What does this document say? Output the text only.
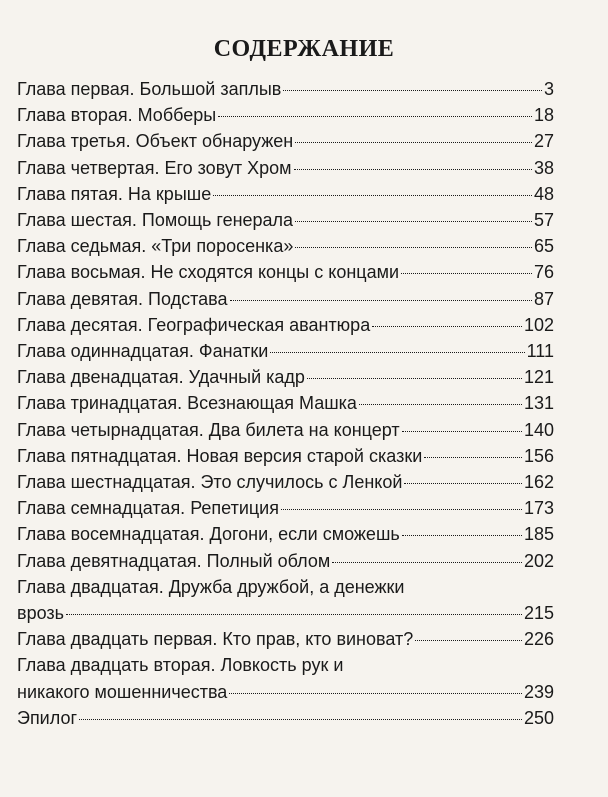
СОДЕРЖАНИЕ
Глава первая. Большой заплыв	3
Глава вторая. Мобберы	18
Глава третья. Объект обнаружен	27
Глава четвертая. Его зовут Хром	38
Глава пятая. На крыше	48
Глава шестая. Помощь генерала	57
Глава седьмая. «Три поросенка»	65
Глава восьмая. Не сходятся концы с концами	76
Глава девятая. Подстава	87
Глава десятая. Географическая авантюра	102
Глава одиннадцатая. Фанатки	111
Глава двенадцатая. Удачный кадр	121
Глава тринадцатая. Всезнающая Машка	131
Глава четырнадцатая. Два билета на концерт	140
Глава пятнадцатая. Новая версия старой сказки	156
Глава шестнадцатая. Это случилось с Ленкой	162
Глава семнадцатая. Репетиция	173
Глава восемнадцатая. Догони, если сможешь	185
Глава девятнадцатая. Полный облом	202
Глава двадцатая. Дружба дружбой, а денежки
врозь	215
Глава двадцать первая. Кто прав, кто виноват?	226
Глава двадцать вторая. Ловкость рук и
никакого мошенничества	239
Эпилог	250
